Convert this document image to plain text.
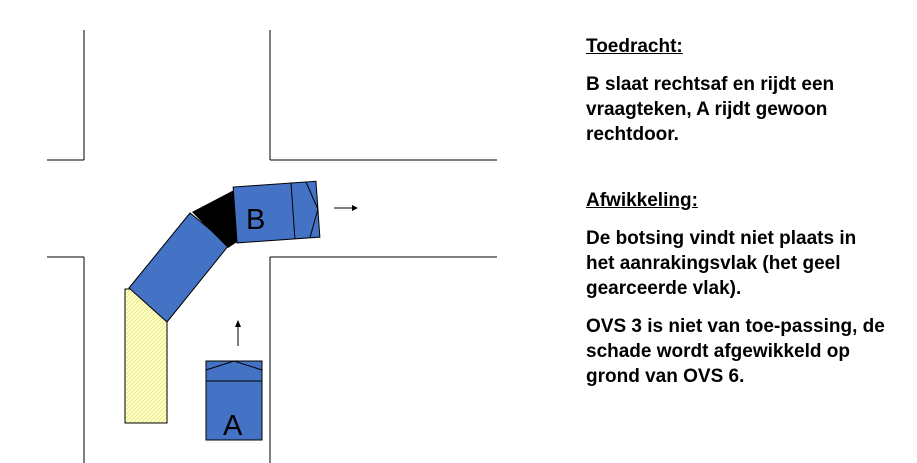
B
A
Toedracht:
B slaat rechtsaf en rijdt een vraagteken, A rijdt gewoon rechtdoor.
Afwikkeling:
De botsing vindt niet plaats in het aanrakingsvlak (het geel gearceerde vlak).
OVS 3 is niet van toe-passing, de schade wordt afgewikkeld op grond van OVS 6.
